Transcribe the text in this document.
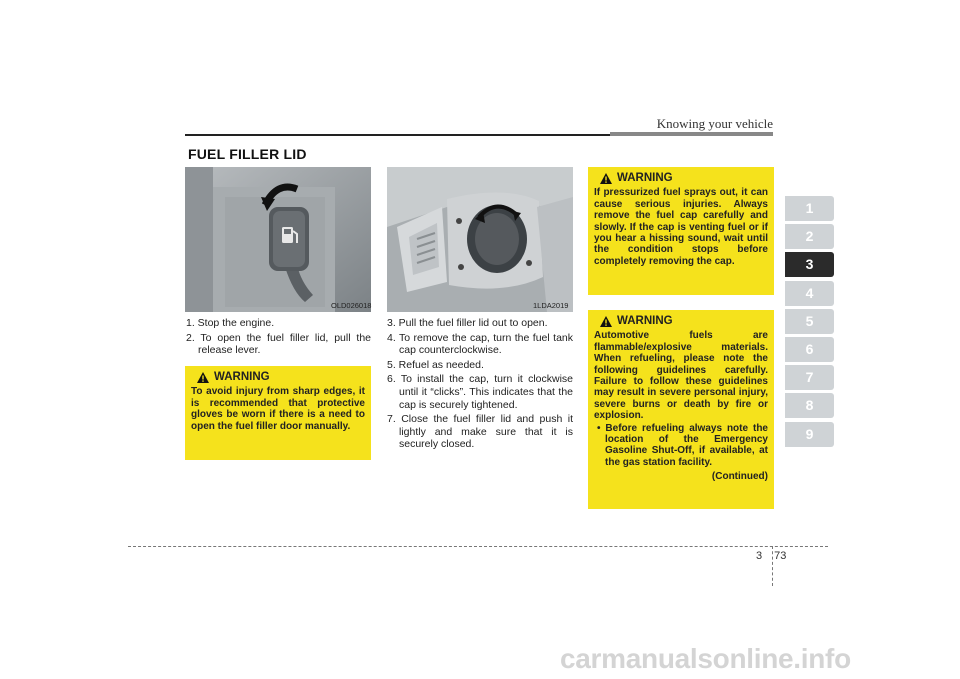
Knowing your vehicle
FUEL FILLER LID
OLD026018	1LDA2019

1. Stop the engine.

2. To open the fuel filler lid, pull the release lever.

3. Pull the fuel filler lid out to open.

4. To remove the cap, turn the fuel tank cap counterclockwise.

5. Refuel as needed.

6. To install the cap, turn it clockwise until it “clicks”. This indicates that the cap is securely tightened.

7. Close the fuel filler lid and push it lightly and make sure that it is securely closed.

WARNING
To avoid injury from sharp edges, it is recommended that protective gloves be worn if there is a need to open the fuel filler door manually.
WARNING
If pressurized fuel sprays out, it can cause serious injuries. Always remove the fuel cap carefully and slowly. If the cap is venting fuel or if you hear a hissing sound, wait until the condition stops before completely removing the cap.
WARNING
Automotive fuels are flammable/explosive materials. When refueling, please note the following guidelines carefully. Failure to follow these guidelines may result in severe personal injury, severe burns or death by fire or explosion.
• Before refueling always note the location of the Emergency Gasoline Shut-Off, if available, at the gas station facility.
(Continued)
1
2
3
4
5
6
7
8
9
3 73
carmanualsonline.info
